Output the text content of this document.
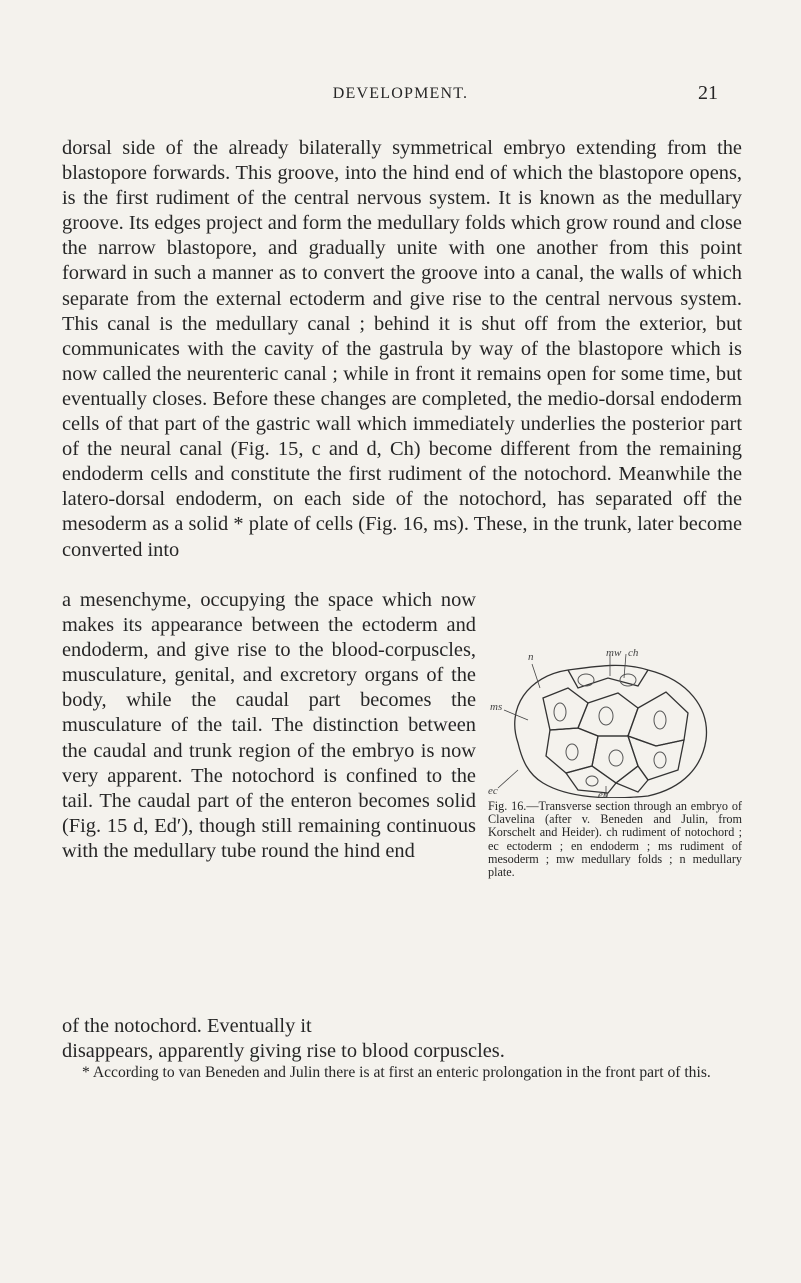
DEVELOPMENT.	21

dorsal side of the already bilaterally symmetrical embryo extending from the blastopore forwards. This groove, into the hind end of which the blastopore opens, is the first rudiment of the central nervous system. It is known as the medullary groove. Its edges project and form the medullary folds which grow round and close the narrow blastopore, and gradually unite with one another from this point forward in such a manner as to convert the groove into a canal, the walls of which separate from the external ectoderm and give rise to the central nervous system. This canal is the medullary canal ; behind it is shut off from the exterior, but communicates with the cavity of the gastrula by way of the blastopore which is now called the neurenteric canal ; while in front it remains open for some time, but eventually closes. Before these changes are completed, the medio-dorsal endoderm cells of that part of the gastric wall which immediately underlies the posterior part of the neural canal (Fig. 15, c and d, Ch) become different from the remaining endoderm cells and constitute the first rudiment of the notochord. Meanwhile the latero-dorsal endoderm, on each side of the notochord, has separated off the mesoderm as a solid * plate of cells (Fig. 16, ms). These, in the trunk, later become converted into

a mesenchyme, occupying the space which now makes its appearance between the ectoderm and endoderm, and give rise to the blood-corpuscles, musculature, genital, and excretory organs of the body, while the caudal part becomes the musculature of the tail. The distinction between the caudal and trunk region of the embryo is now very apparent. The notochord is confined to the tail. The caudal part of the enteron becomes solid (Fig. 15 d, Ed′), though still remaining continuous with the medullary tube round the hind end

of the notochord. Eventually it
disappears, apparently giving rise to blood corpuscles.

n	mw ch
ms
en
ec

Fig. 16.—Transverse section through an embryo of Clavelina (after v. Beneden and Julin, from Korschelt and Heider). ch rudiment of notochord ; ec ectoderm ; en endoderm ; ms rudiment of mesoderm ; mw medullary folds ; n medullary plate.

* According to van Beneden and Julin there is at first an enteric prolongation in the front part of this.
